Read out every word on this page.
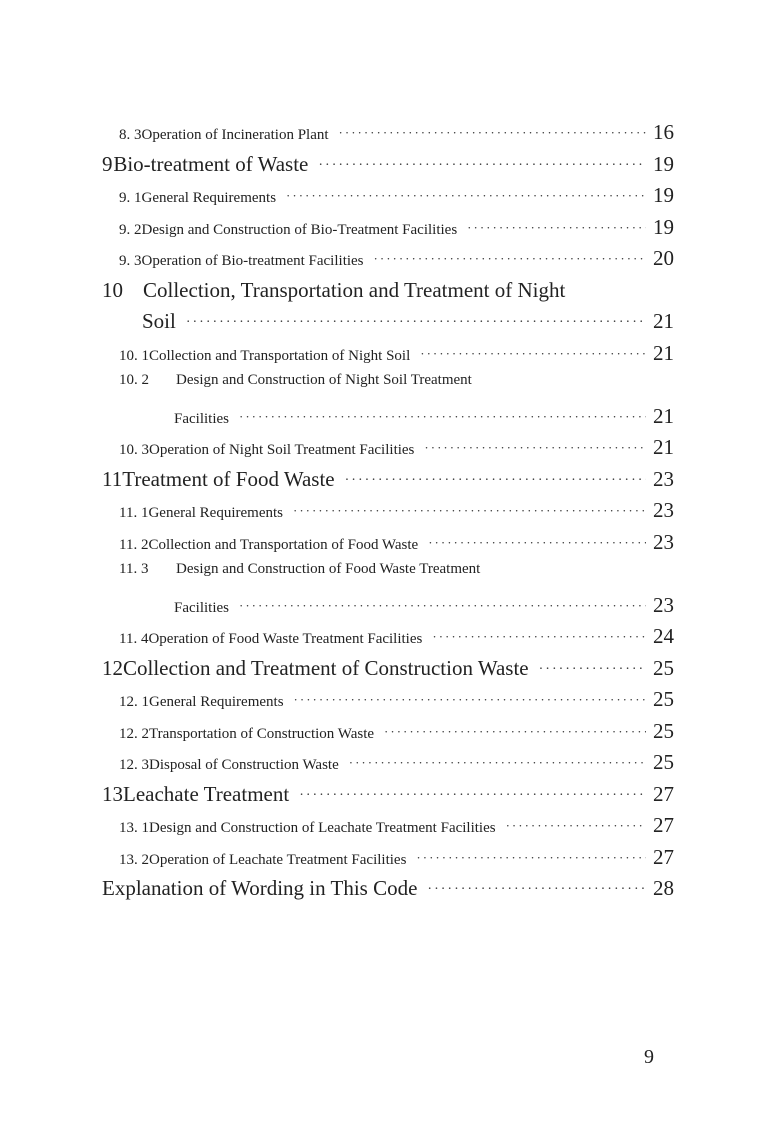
8. 3 Operation of Incineration Plant ·····	16
9 Bio-treatment of Waste ·····	19
9. 1 General Requirements ·····	19
9. 2 Design and Construction of Bio-Treatment Facilities ·····	19
9. 3 Operation of Bio-treatment Facilities ·····	20
10 Collection, Transportation and Treatment of Night
Soil ·····	21
10. 1 Collection and Transportation of Night Soil ·····	21
10. 2	Design and Construction of Night Soil Treatment
Facilities ·····	21
10. 3 Operation of Night Soil Treatment Facilities ·····	21
11 Treatment of Food Waste ·····	23
11. 1 General Requirements ·····	23
11. 2 Collection and Transportation of Food Waste ·····	23
11. 3	Design and Construction of Food Waste Treatment
Facilities ·····	23
11. 4 Operation of Food Waste Treatment Facilities ·····	24
12 Collection and Treatment of Construction Waste ·····	25
12. 1 General Requirements ·····	25
12. 2 Transportation of Construction Waste ·····	25
12. 3 Disposal of Construction Waste ·····	25
13 Leachate Treatment ·····	27
13. 1 Design and Construction of Leachate Treatment Facilities ·····	27
13. 2 Operation of Leachate Treatment Facilities ·····	27
Explanation of Wording in This Code ·····	28
9
